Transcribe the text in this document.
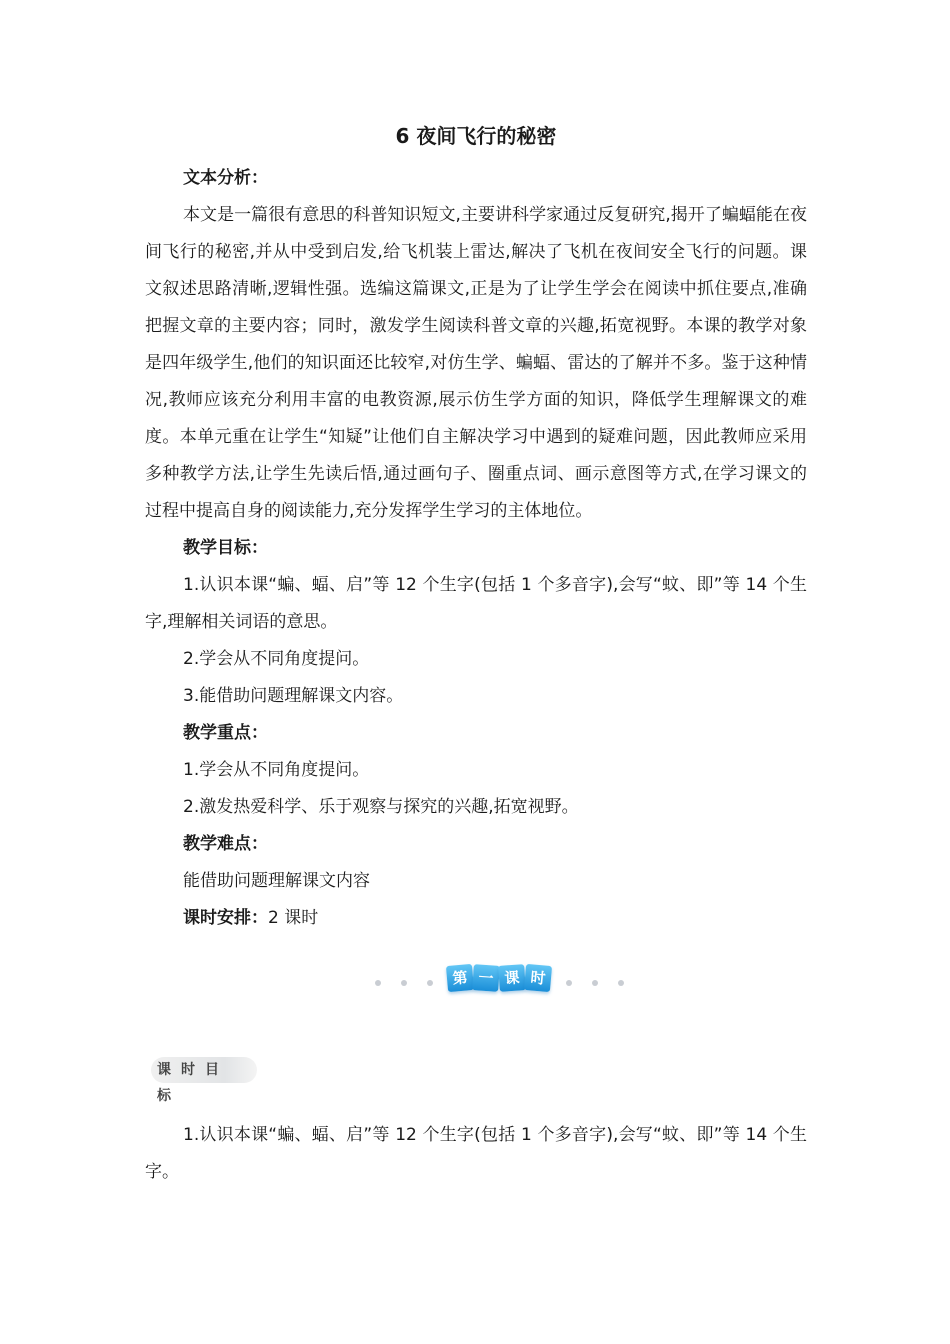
6 夜间飞行的秘密

文本分析：

本文是一篇很有意思的科普知识短文,主要讲科学家通过反复研究,揭开了蝙蝠能在夜间飞行的秘密,并从中受到启发,给飞机装上雷达,解决了飞机在夜间安全飞行的问题。课文叙述思路清晰,逻辑性强。选编这篇课文,正是为了让学生学会在阅读中抓住要点,准确把握文章的主要内容；同时，激发学生阅读科普文章的兴趣,拓宽视野。本课的教学对象是四年级学生,他们的知识面还比较窄,对仿生学、蝙蝠、雷达的了解并不多。鉴于这种情况,教师应该充分利用丰富的电教资源,展示仿生学方面的知识，降低学生理解课文的难度。本单元重在让学生“知疑”让他们自主解决学习中遇到的疑难问题，因此教师应采用多种教学方法,让学生先读后悟,通过画句子、圈重点词、画示意图等方式,在学习课文的过程中提高自身的阅读能力,充分发挥学生学习的主体地位。

教学目标：

1.认识本课“蝙、蝠、启”等 12 个生字(包括 1 个多音字),会写“蚊、即”等 14 个生字,理解相关词语的意思。

2.学会从不同角度提问。

3.能借助问题理解课文内容。

教学重点：

1.学会从不同角度提问。

2.激发热爱科学、乐于观察与探究的兴趣,拓宽视野。

教学难点：

能借助问题理解课文内容

课时安排：2 课时

第 一 课 时
课时目标

1.认识本课“蝙、蝠、启”等 12 个生字(包括 1 个多音字),会写“蚊、即”等 14 个生字。
